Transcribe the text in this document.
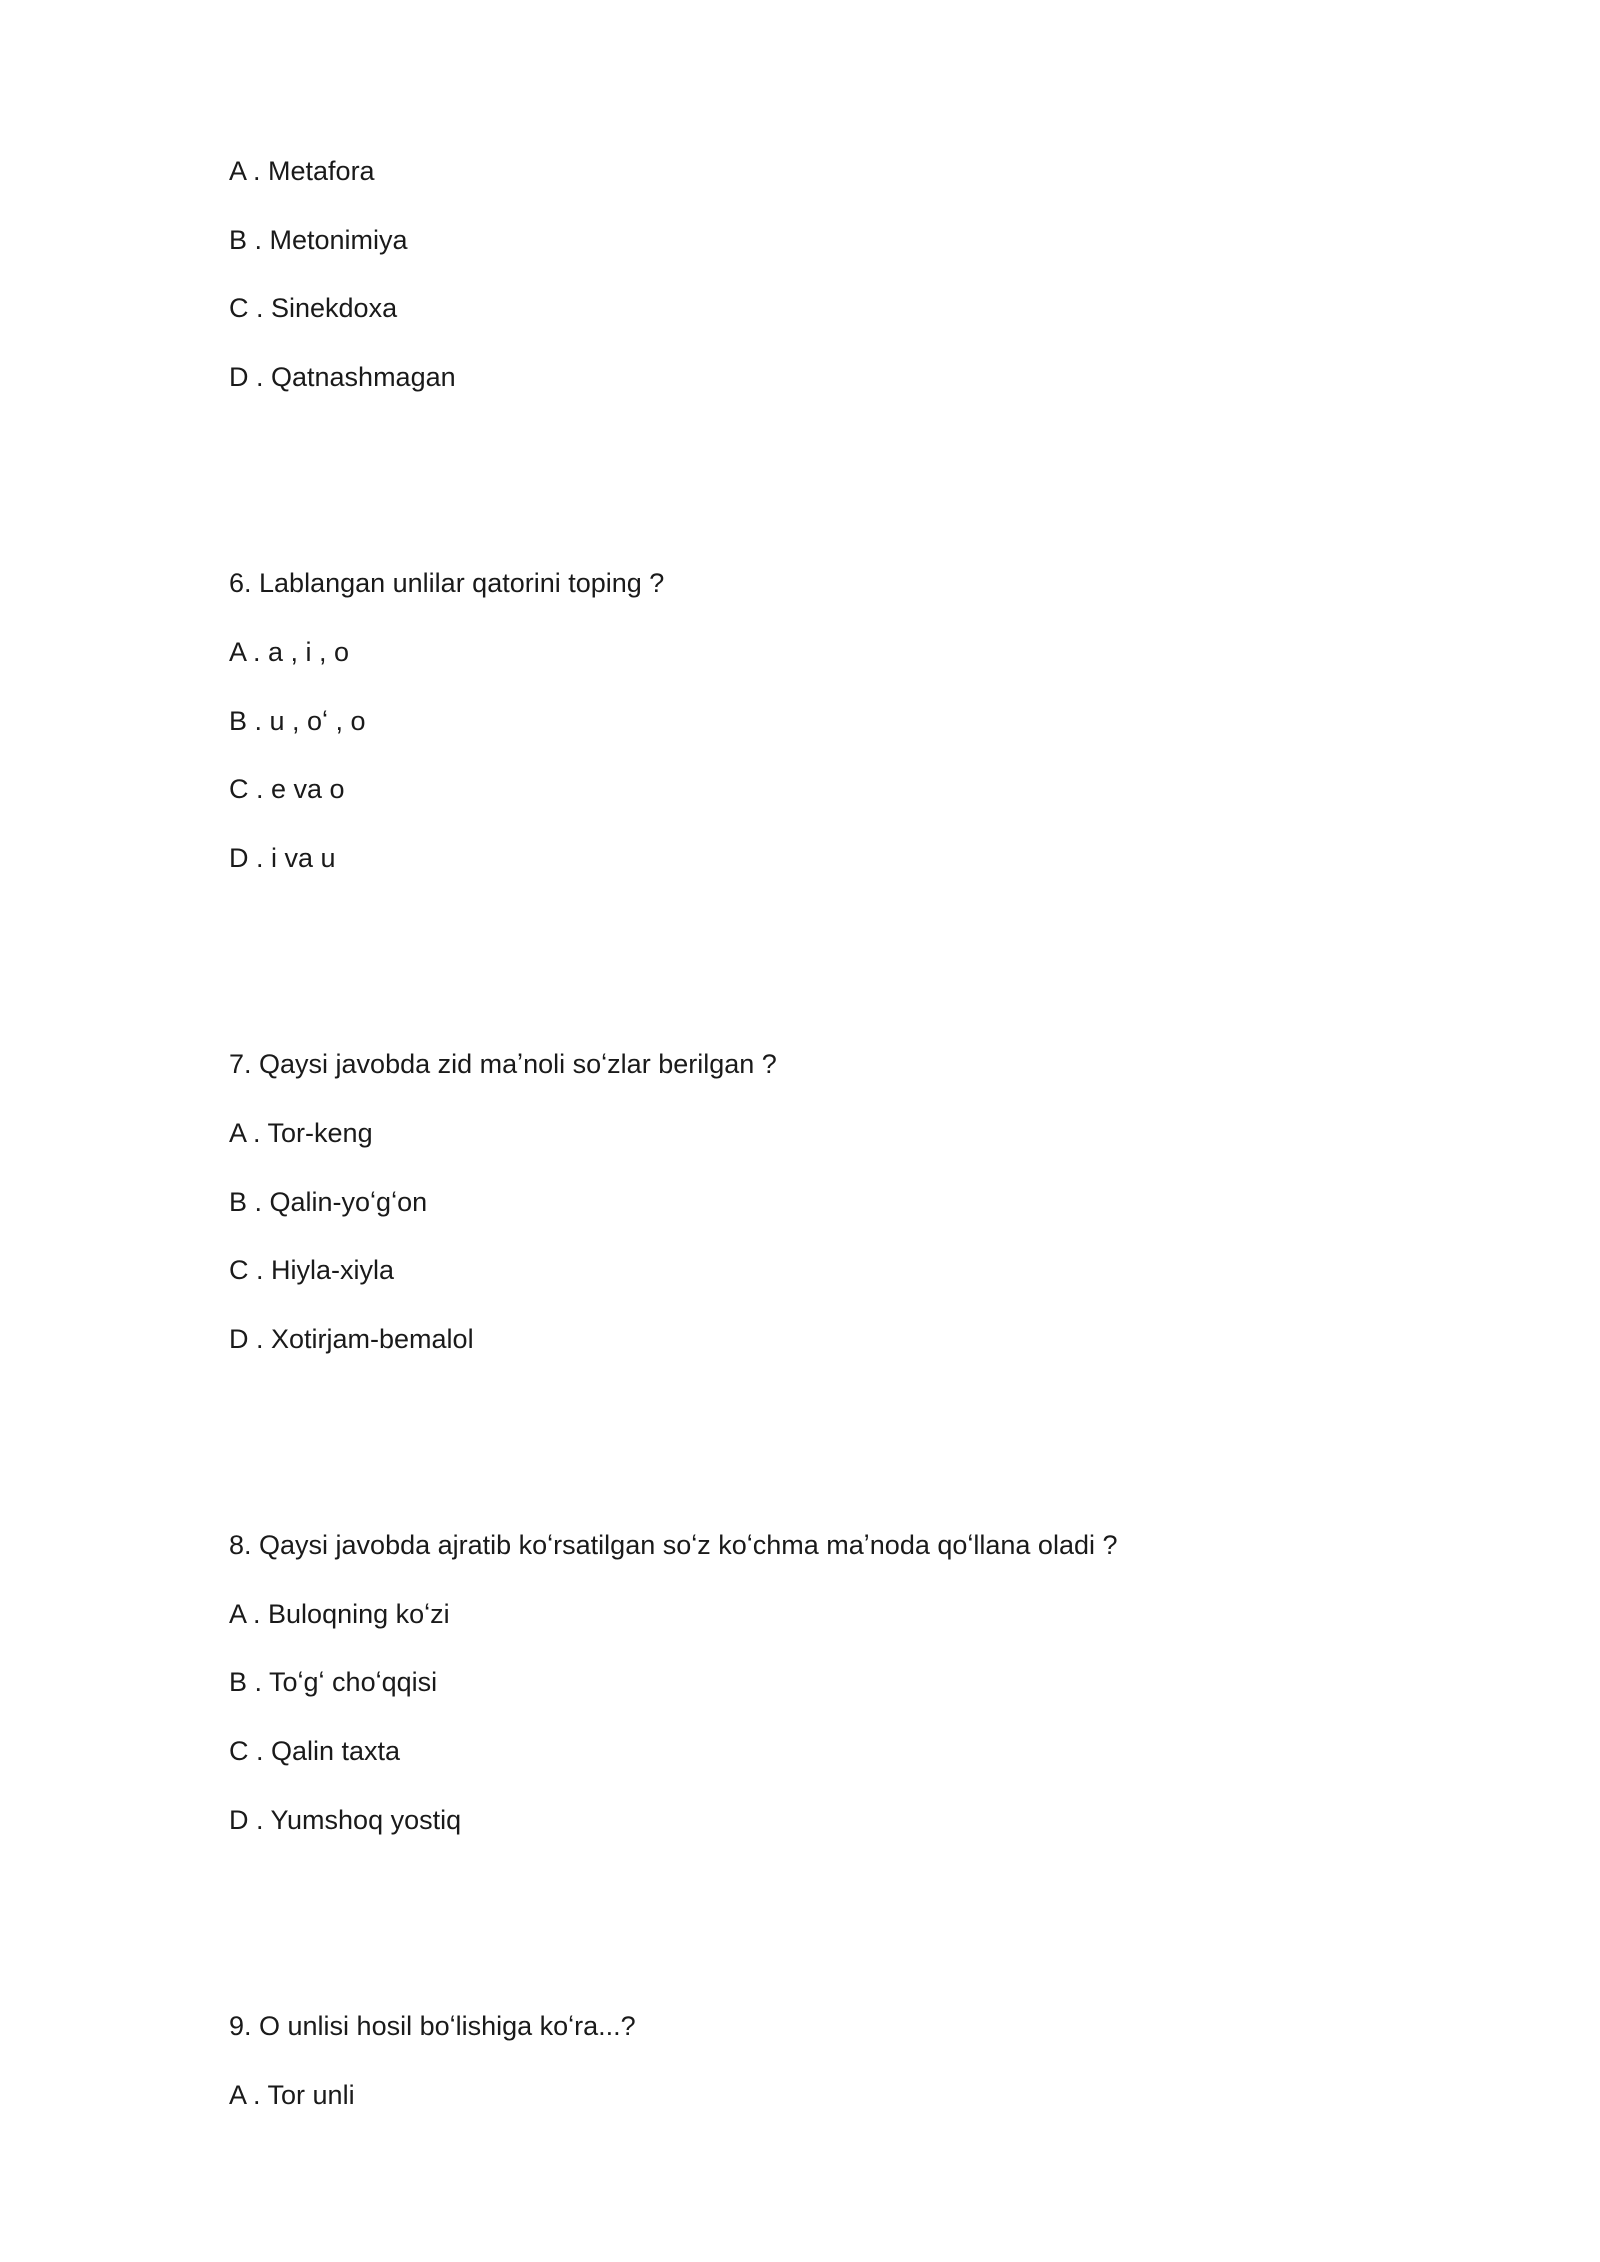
A . Metafora
B . Metonimiya
C . Sinekdoxa
D . Qatnashmagan
6. Lablangan unlilar qatorini toping ?
A . a , i , o
B . u , oʻ , o
C . e va o
D . i va u
7. Qaysi javobda zid maʼnoli soʻzlar berilgan ?
A . Tor-keng
B . Qalin-yoʻgʻon
C . Hiyla-xiyla
D . Xotirjam-bemalol
8. Qaysi javobda ajratib koʻrsatilgan soʻz koʻchma maʼnoda qoʻllana oladi ?
A . Buloqning koʻzi
B . Toʻgʻ choʻqqisi
C . Qalin taxta
D . Yumshoq yostiq
9. O unlisi hosil boʻlishiga koʻra...?
A . Tor unli
